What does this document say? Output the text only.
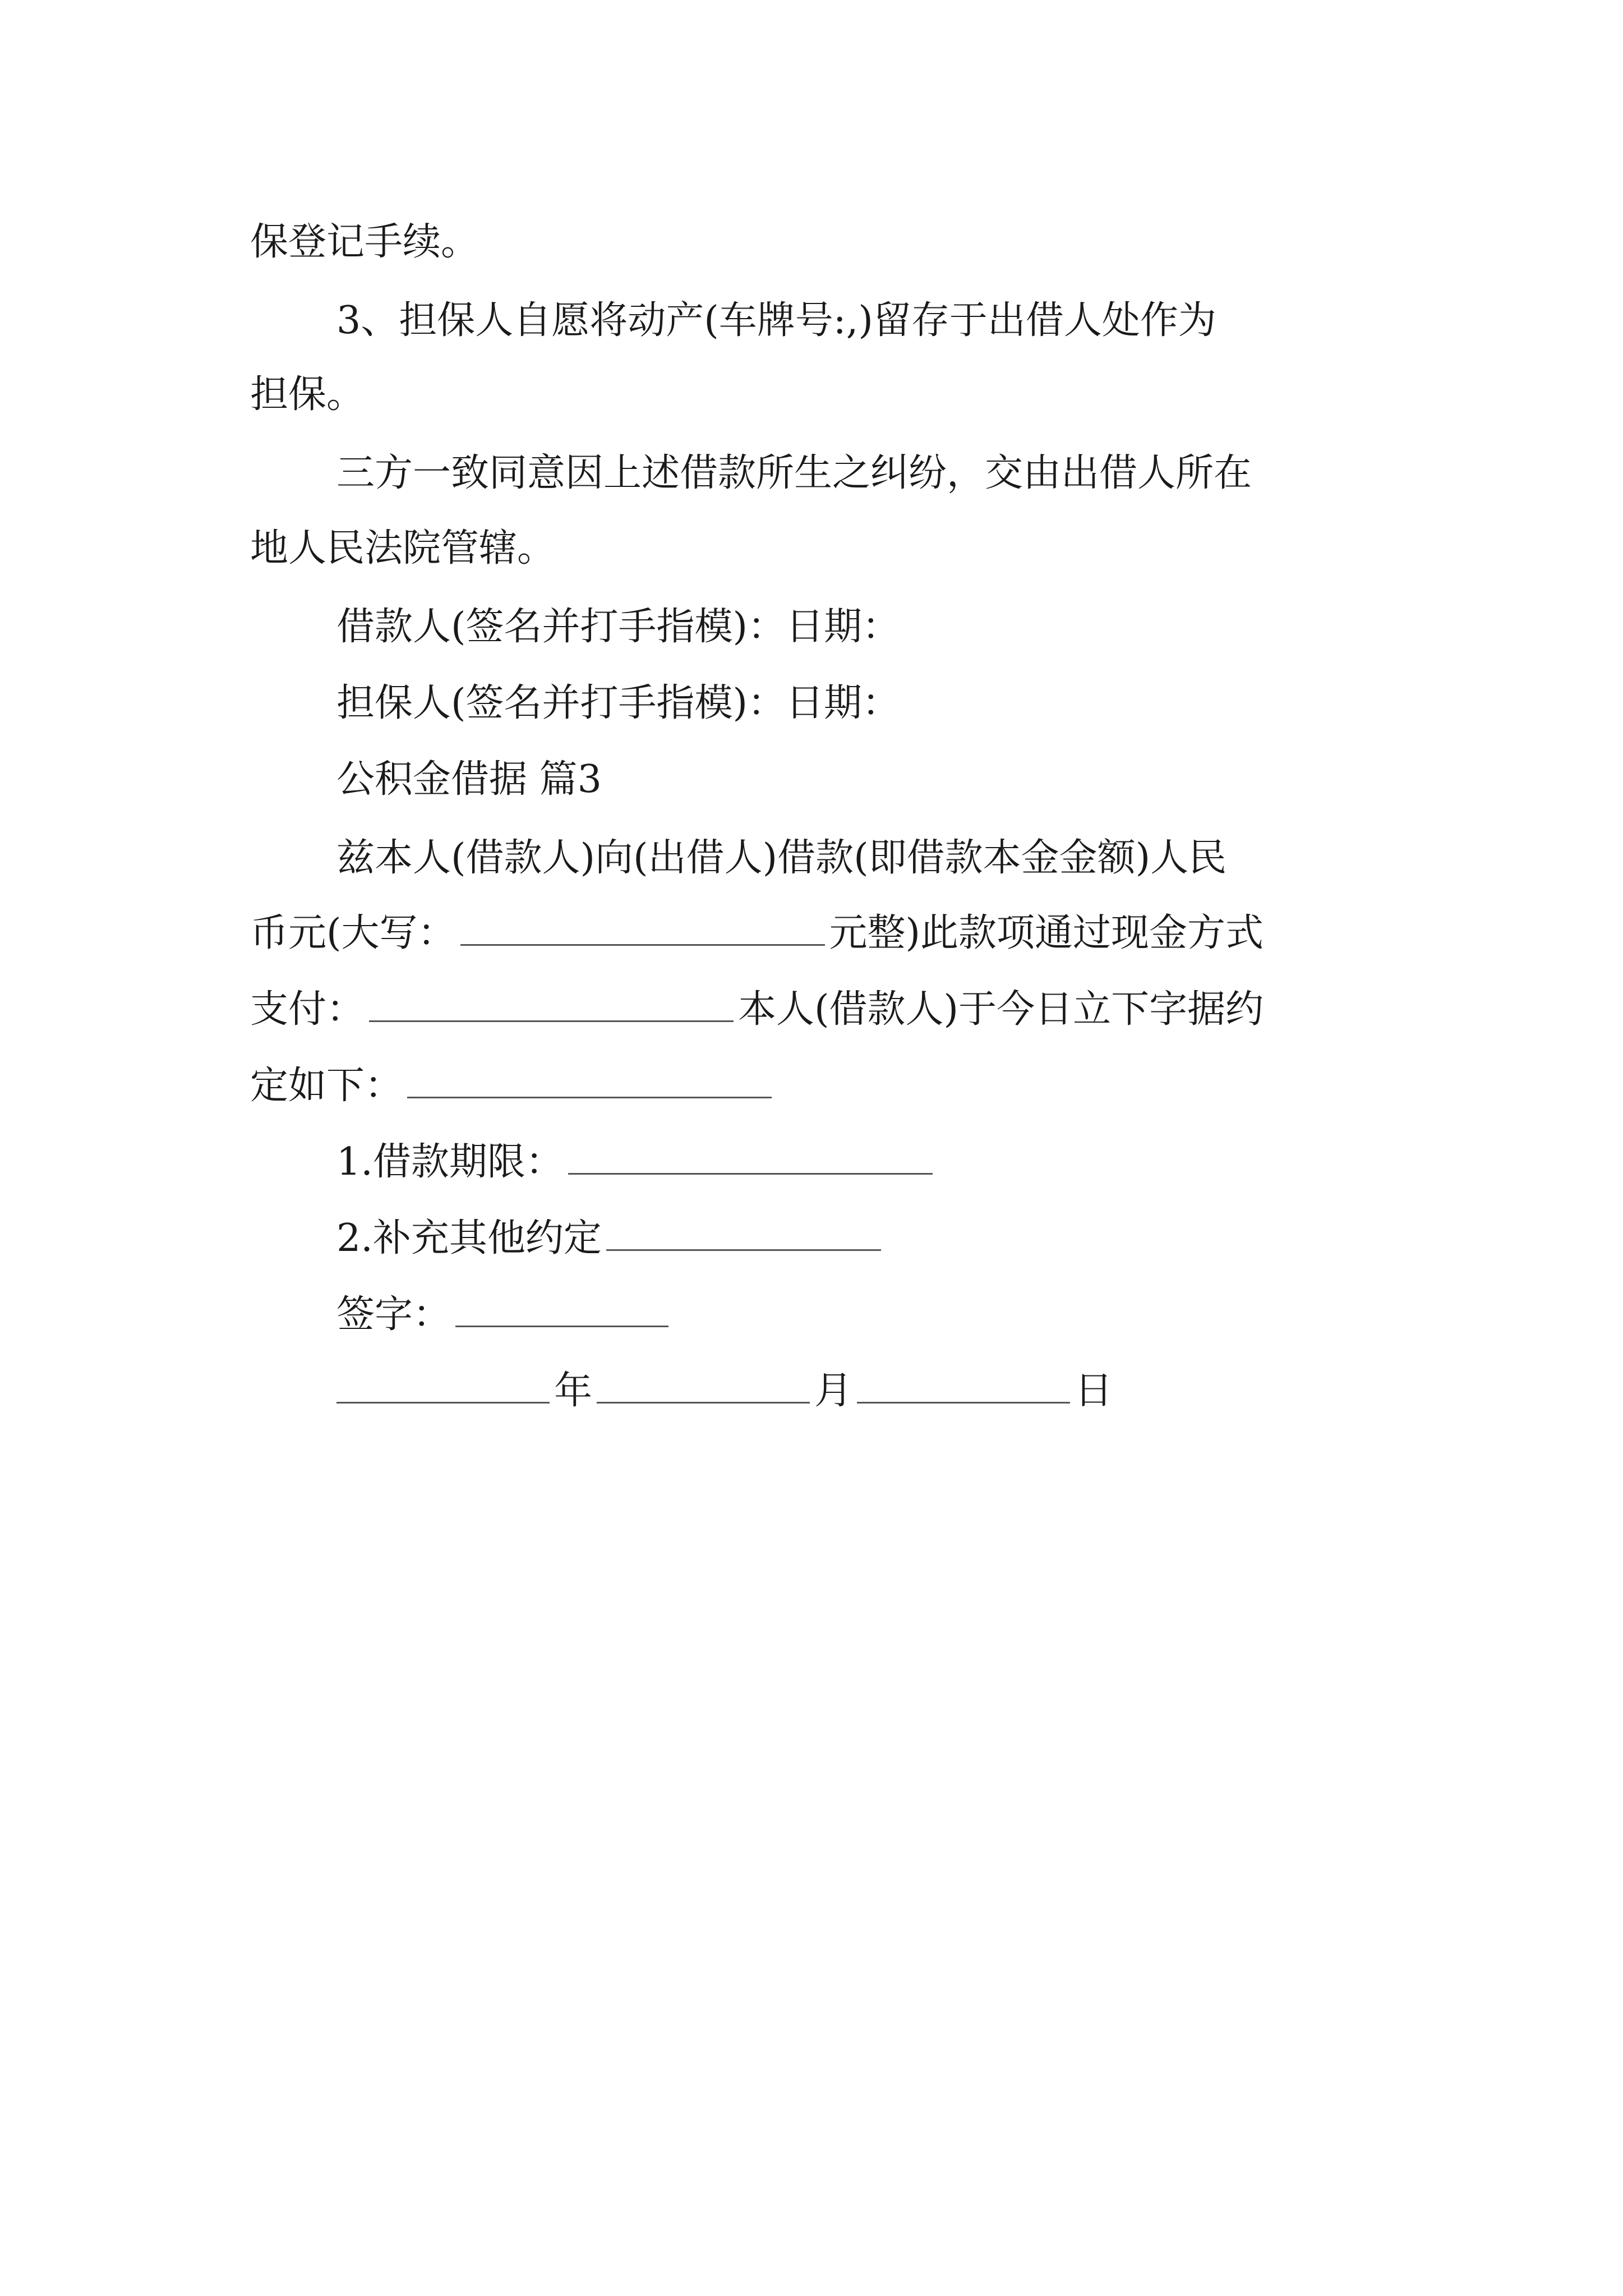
保登记手续。
3、担保人自愿将动产(车牌号:,)留存于出借人处作为
担保。
三方一致同意因上述借款所生之纠纷，交由出借人所在
地人民法院管辖。
借款人(签名并打手指模)：日期：
担保人(签名并打手指模)：日期：
公积金借据 篇3
兹本人(借款人)向(出借人)借款(即借款本金金额)人民
币元(大写：	元整)此款项通过现金方式
支付：	本人(借款人)于今日立下字据约
定如下：
1.借款期限：
2.补充其他约定
签字：
年	月	日
